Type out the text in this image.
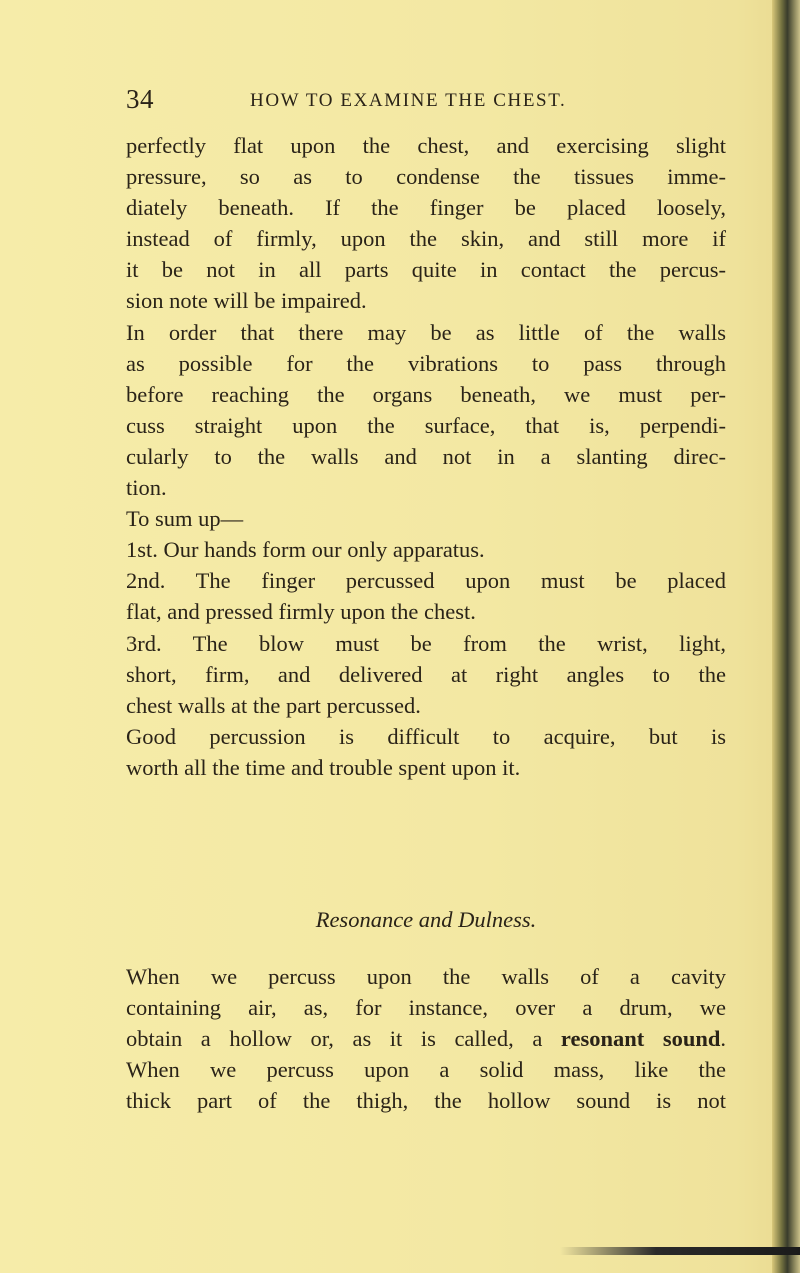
34	HOW TO EXAMINE THE CHEST.
perfectly flat upon the chest, and exercising slight
pressure, so as to condense the tissues imme-
diately beneath. If the finger be placed loosely,
instead of firmly, upon the skin, and still more if
it be not in all parts quite in contact the percus-
sion note will be impaired.
In order that there may be as little of the walls
as possible for the vibrations to pass through
before reaching the organs beneath, we must per-
cuss straight upon the surface, that is, perpendi-
cularly to the walls and not in a slanting direc-
tion.
To sum up—
1st. Our hands form our only apparatus.
2nd. The finger percussed upon must be placed
flat, and pressed firmly upon the chest.
3rd. The blow must be from the wrist, light,
short, firm, and delivered at right angles to the
chest walls at the part percussed.
Good percussion is difficult to acquire, but is
worth all the time and trouble spent upon it.
Resonance and Dulness.
When we percuss upon the walls of a cavity
containing air, as, for instance, over a drum, we
obtain a hollow or, as it is called, a resonant sound.
When we percuss upon a solid mass, like the
thick part of the thigh, the hollow sound is not
